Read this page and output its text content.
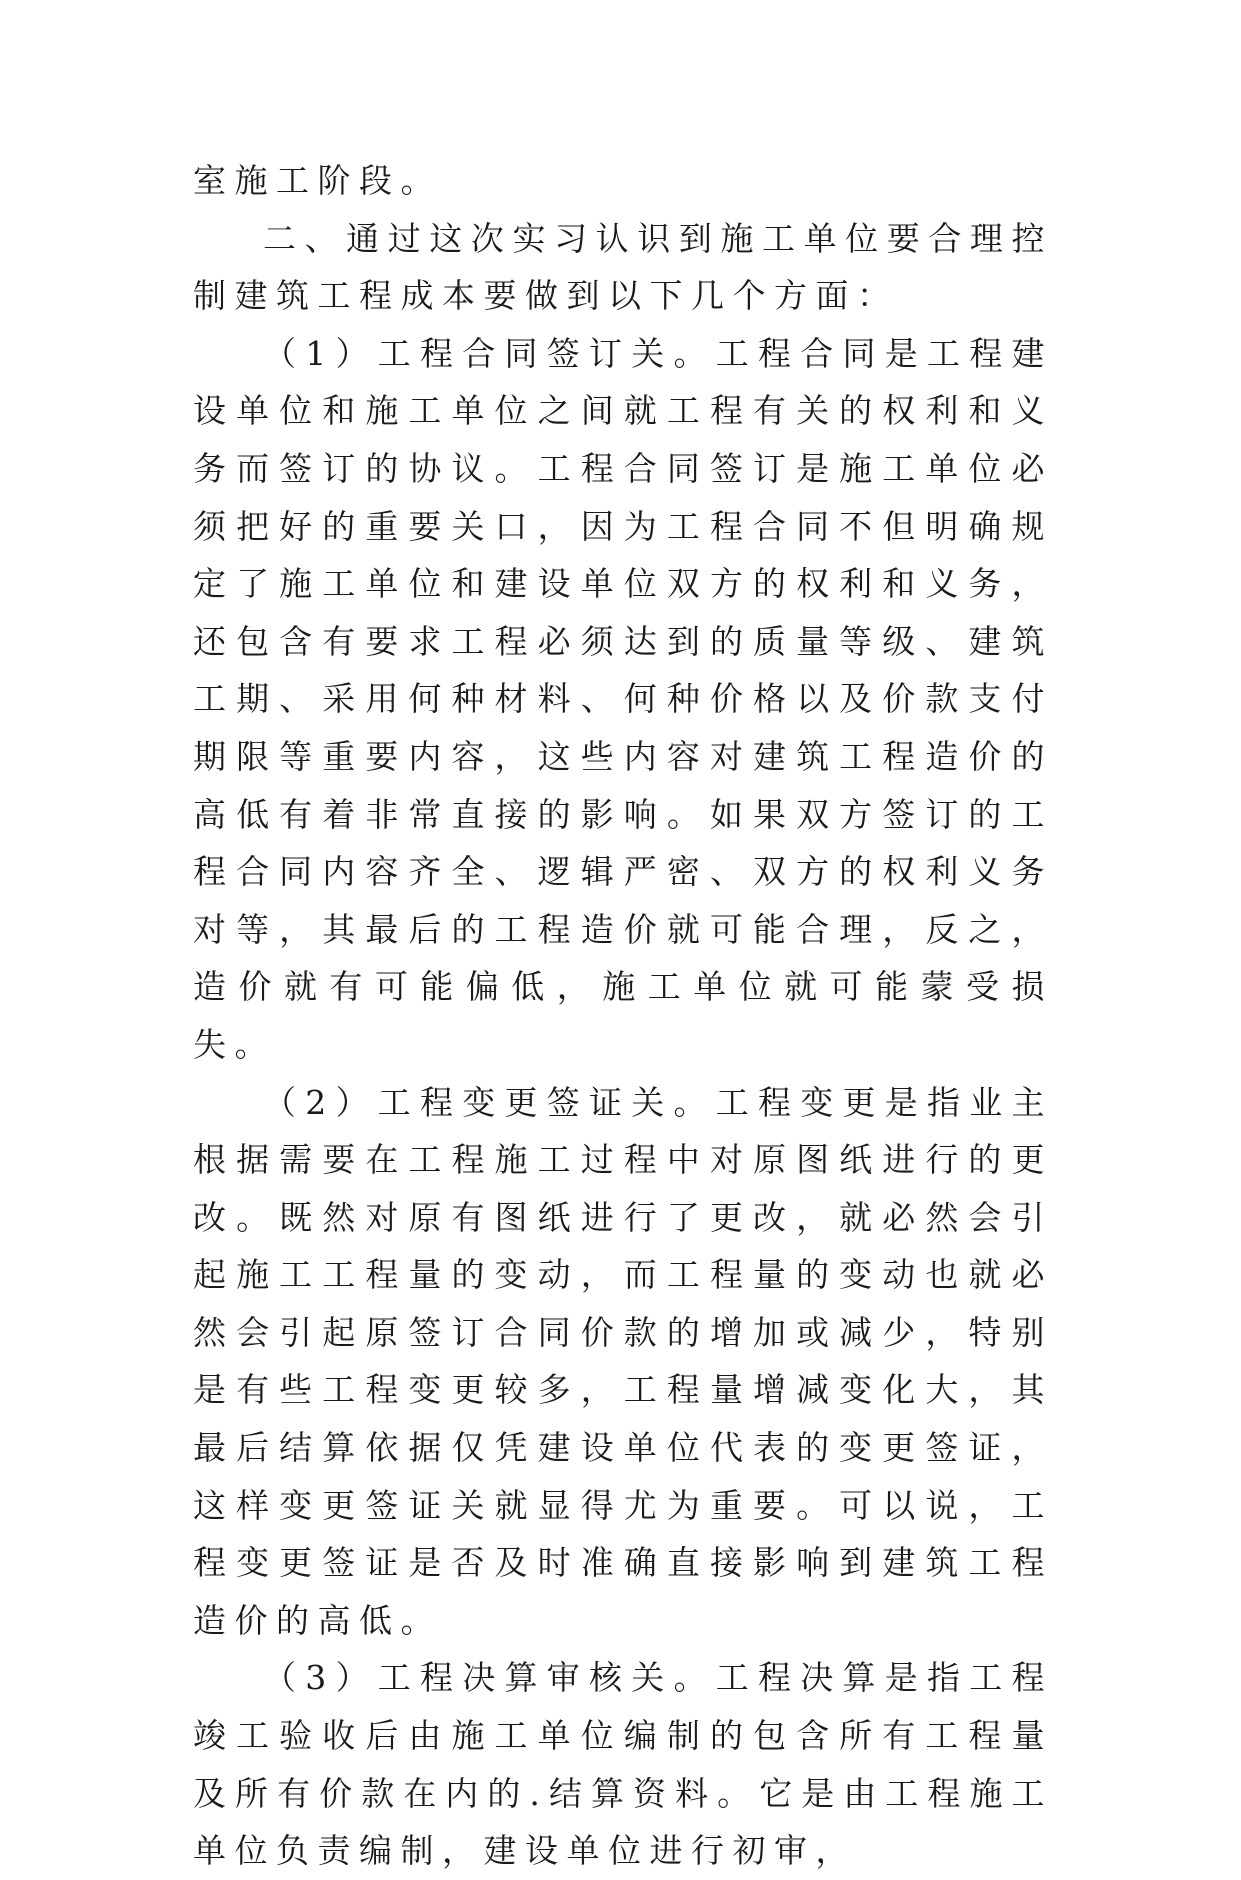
室施工阶段。

二、通过这次实习认识到施工单位要合理控制建筑工程成本要做到以下几个方面：

（1）工程合同签订关。工程合同是工程建设单位和施工单位之间就工程有关的权利和义务而签订的协议。工程合同签订是施工单位必须把好的重要关口，因为工程合同不但明确规定了施工单位和建设单位双方的权利和义务，还包含有要求工程必须达到的质量等级、建筑工期、采用何种材料、何种价格以及价款支付期限等重要内容，这些内容对建筑工程造价的高低有着非常直接的影响。如果双方签订的工程合同内容齐全、逻辑严密、双方的权利义务对等，其最后的工程造价就可能合理，反之，造价就有可能偏低，施工单位就可能蒙受损失。

（2）工程变更签证关。工程变更是指业主根据需要在工程施工过程中对原图纸进行的更改。既然对原有图纸进行了更改，就必然会引起施工工程量的变动，而工程量的变动也就必然会引起原签订合同价款的增加或减少，特别是有些工程变更较多，工程量增减变化大，其最后结算依据仅凭建设单位代表的变更签证，这样变更签证关就显得尤为重要。可以说，工程变更签证是否及时准确直接影响到建筑工程造价的高低。

（3）工程决算审核关。工程决算是指工程竣工验收后由施工单位编制的包含所有工程量及所有价款在内的.结算资料。它是由工程施工单位负责编制，建设单位进行初审，
